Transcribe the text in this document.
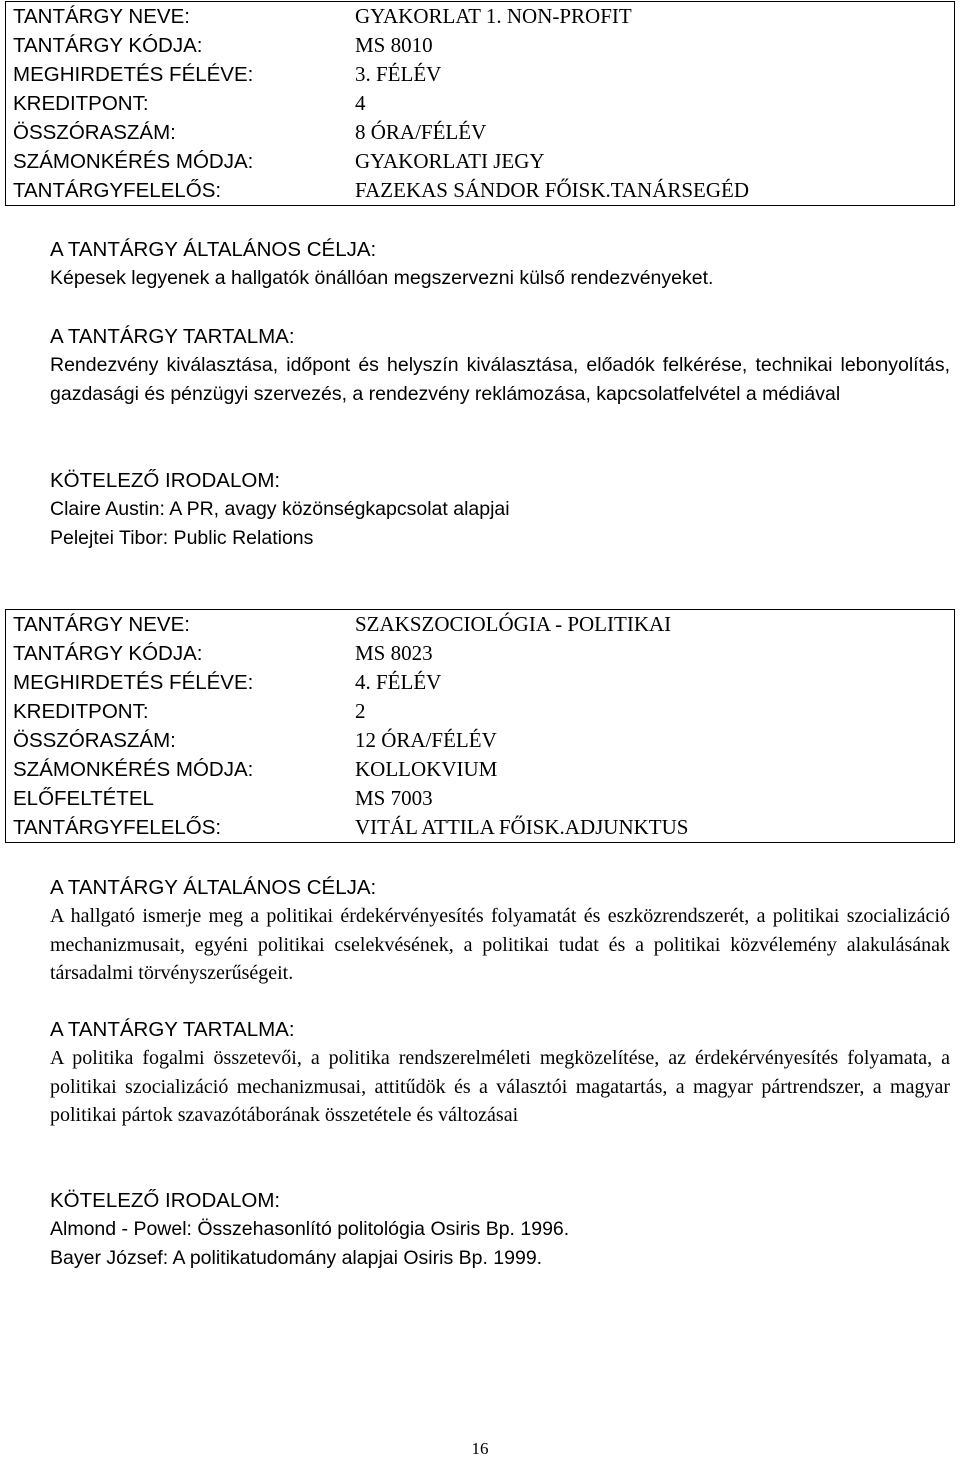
TANTÁRGY NEVE:	GYAKORLAT 1. NON-PROFIT
TANTÁRGY KÓDJA:	MS 8010
MEGHIRDETÉS FÉLÉVE:	3. FÉLÉV
KREDITPONT:	4
ÖSSZÓRASZÁM:	8 ÓRA/FÉLÉV
SZÁMONKÉRÉS MÓDJA:	GYAKORLATI JEGY
TANTÁRGYFELELŐS:	FAZEKAS SÁNDOR FŐISK.TANÁRSEGÉD
A TANTÁRGY ÁLTALÁNOS CÉLJA:
Képesek legyenek a hallgatók önállóan megszervezni külső rendezvényeket.
A TANTÁRGY TARTALMA:
Rendezvény kiválasztása, időpont és helyszín kiválasztása, előadók felkérése, technikai lebonyolítás, gazdasági és pénzügyi szervezés, a rendezvény reklámozása, kapcsolatfelvétel a médiával
KÖTELEZŐ IRODALOM:
Claire Austin: A PR, avagy közönségkapcsolat alapjai
Pelejtei Tibor: Public Relations
TANTÁRGY NEVE:	SZAKSZOCIOLÓGIA - POLITIKAI
TANTÁRGY KÓDJA:	MS 8023
MEGHIRDETÉS FÉLÉVE:	4. FÉLÉV
KREDITPONT:	2
ÖSSZÓRASZÁM:	12 ÓRA/FÉLÉV
SZÁMONKÉRÉS MÓDJA:	KOLLOKVIUM
ELŐFELTÉTEL	MS 7003
TANTÁRGYFELELŐS:	VITÁL ATTILA FŐISK.ADJUNKTUS
A TANTÁRGY ÁLTALÁNOS CÉLJA:
A hallgató ismerje meg a politikai érdekérvényesítés folyamatát és eszközrendszerét, a politikai szocializáció mechanizmusait, egyéni politikai cselekvésének, a politikai tudat és a politikai közvélemény alakulásának társadalmi törvényszerűségeit.
A TANTÁRGY TARTALMA:
A politika fogalmi összetevői, a politika rendszerelméleti megközelítése, az érdekérvényesítés folyamata, a politikai szocializáció mechanizmusai, attitűdök és a választói magatartás, a magyar pártrendszer, a magyar politikai pártok szavazótáborának összetétele és változásai
KÖTELEZŐ IRODALOM:
Almond - Powel: Összehasonlító politológia Osiris Bp. 1996.
Bayer József: A politikatudomány alapjai Osiris Bp. 1999.
16
